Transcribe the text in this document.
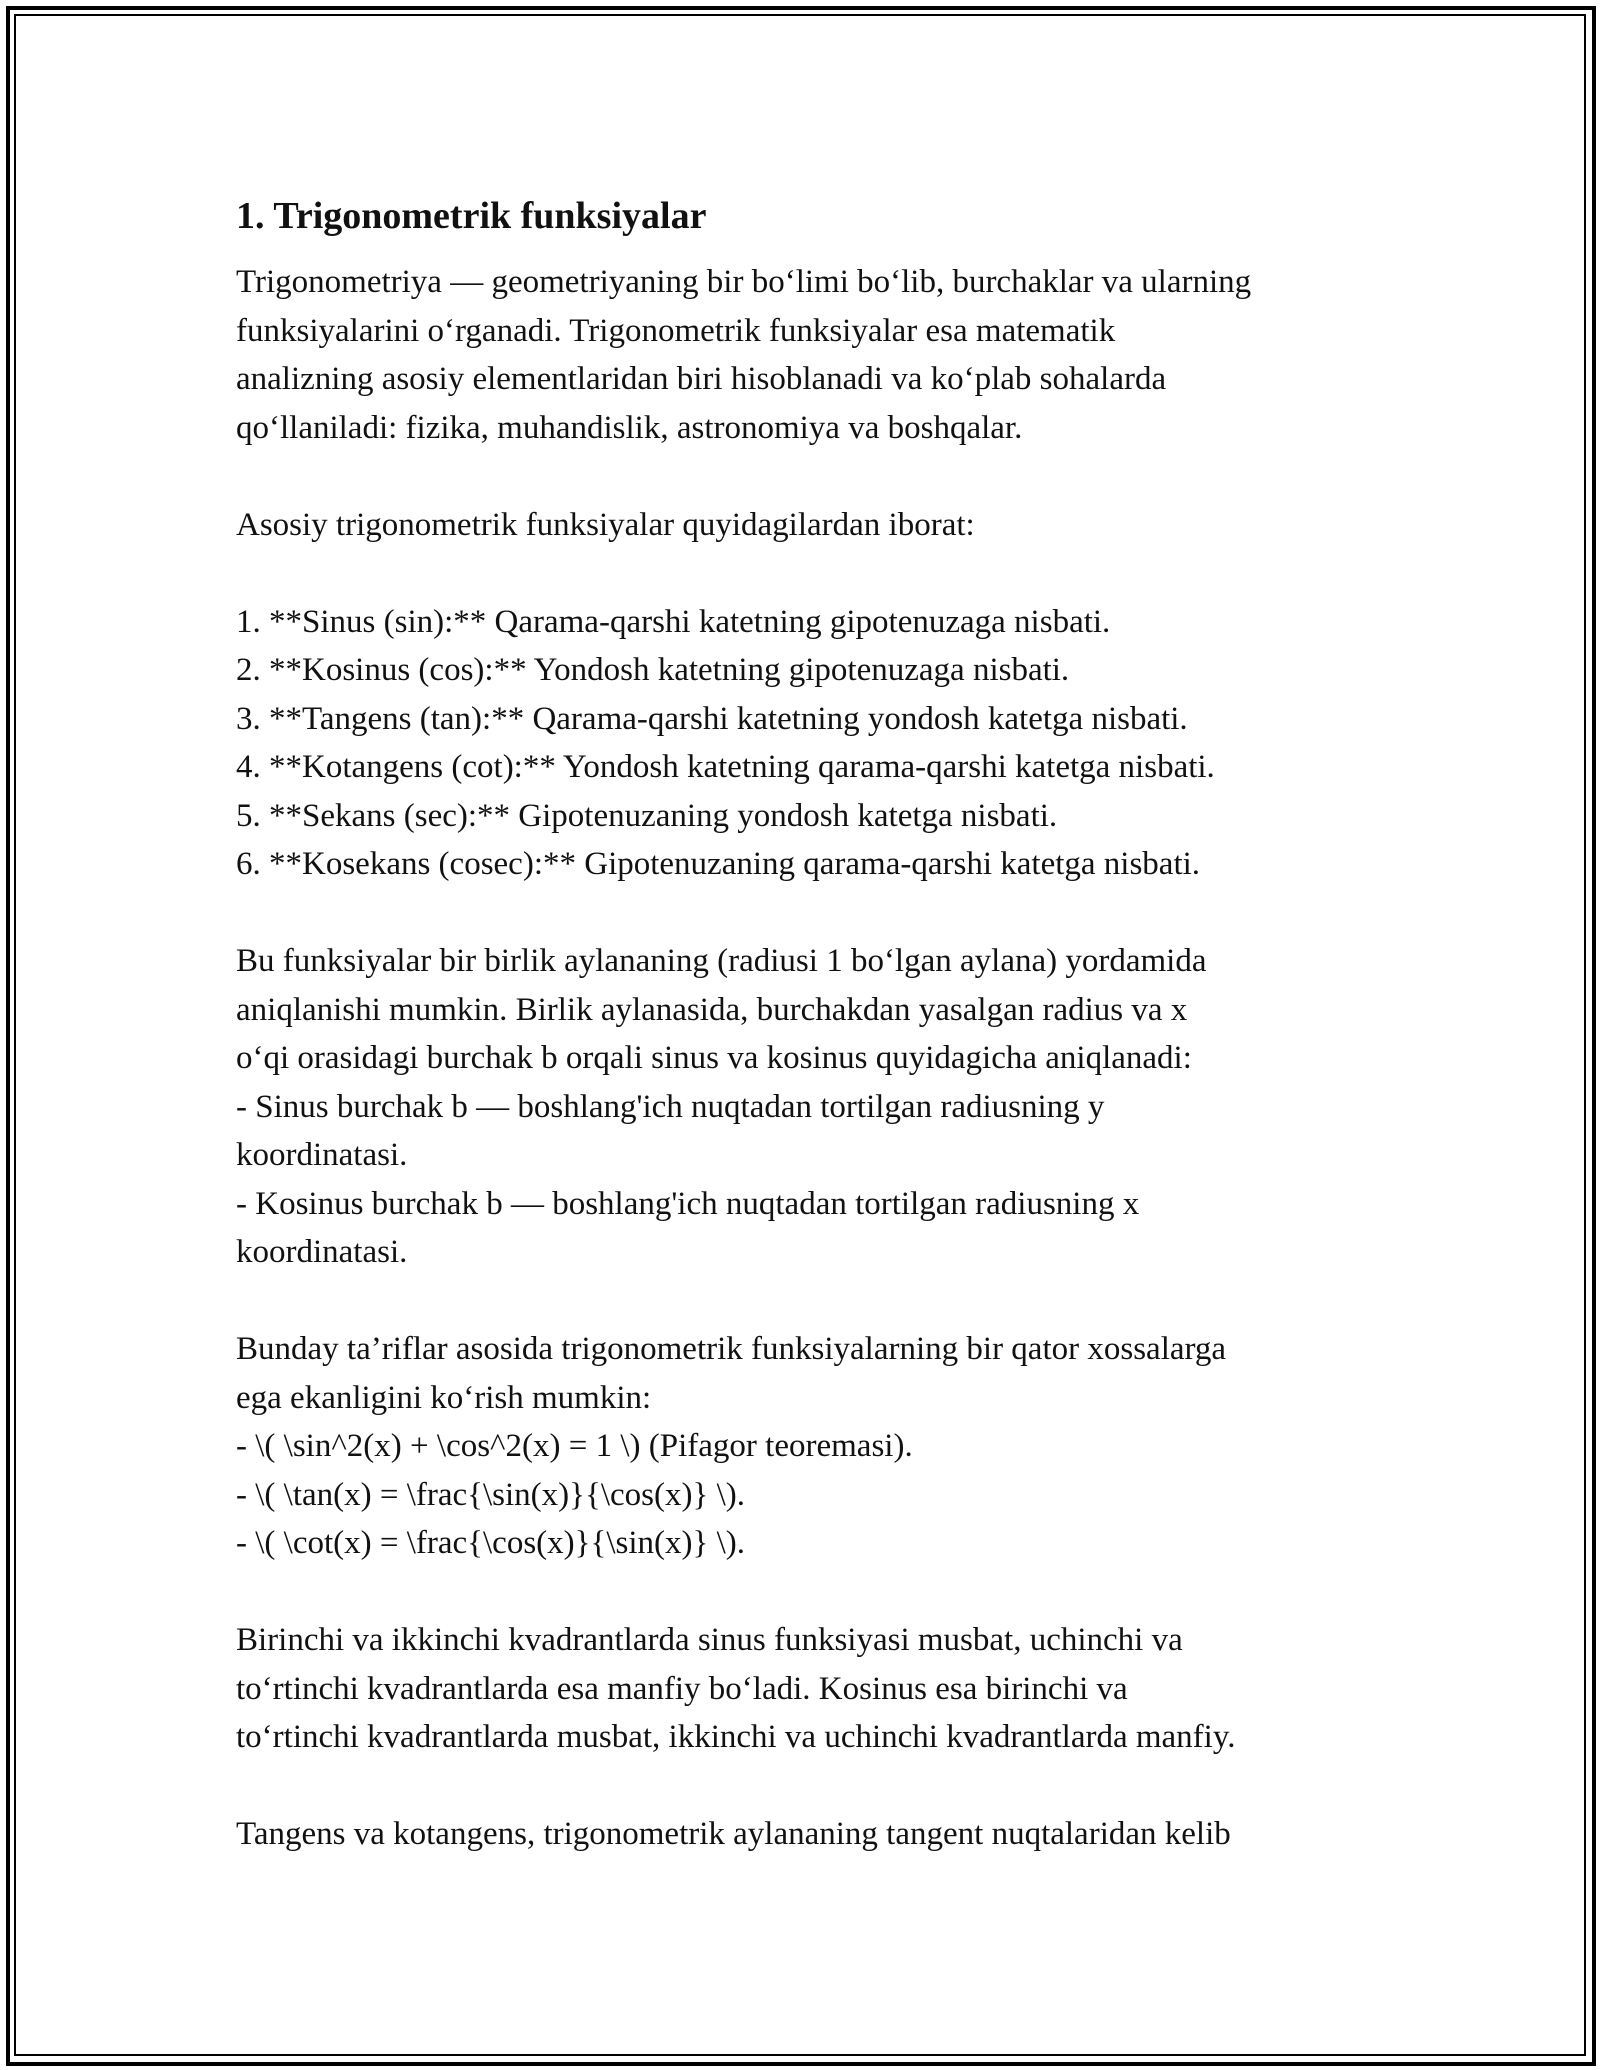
1. Trigonometrik funksiyalar
Trigonometriya — geometriyaning bir bo‘limi bo‘lib, burchaklar va ularning
funksiyalarini o‘rganadi. Trigonometrik funksiyalar esa matematik
analizning asosiy elementlaridan biri hisoblanadi va ko‘plab sohalarda
qo‘llaniladi: fizika, muhandislik, astronomiya va boshqalar.
Asosiy trigonometrik funksiyalar quyidagilardan iborat:
1. **Sinus (sin):** Qarama-qarshi katetning gipotenuzaga nisbati.
2. **Kosinus (cos):** Yondosh katetning gipotenuzaga nisbati.
3. **Tangens (tan):** Qarama-qarshi katetning yondosh katetga nisbati.
4. **Kotangens (cot):** Yondosh katetning qarama-qarshi katetga nisbati.
5. **Sekans (sec):** Gipotenuzaning yondosh katetga nisbati.
6. **Kosekans (cosec):** Gipotenuzaning qarama-qarshi katetga nisbati.
Bu funksiyalar bir birlik aylananing (radiusi 1 bo‘lgan aylana) yordamida
aniqlanishi mumkin. Birlik aylanasida, burchakdan yasalgan radius va x
o‘qi orasidagi burchak b orqali sinus va kosinus quyidagicha aniqlanadi:
- Sinus burchak b — boshlang'ich nuqtadan tortilgan radiusning y
koordinatasi.
- Kosinus burchak b — boshlang'ich nuqtadan tortilgan radiusning x
koordinatasi.
Bunday ta’riflar asosida trigonometrik funksiyalarning bir qator xossalarga
ega ekanligini ko‘rish mumkin:
- \( \sin^2(x) + \cos^2(x) = 1 \) (Pifagor teoremasi).
- \( \tan(x) = \frac{\sin(x)}{\cos(x)} \).
- \( \cot(x) = \frac{\cos(x)}{\sin(x)} \).
Birinchi va ikkinchi kvadrantlarda sinus funksiyasi musbat, uchinchi va
to‘rtinchi kvadrantlarda esa manfiy bo‘ladi. Kosinus esa birinchi va
to‘rtinchi kvadrantlarda musbat, ikkinchi va uchinchi kvadrantlarda manfiy.
Tangens va kotangens, trigonometrik aylananing tangent nuqtalaridan kelib
